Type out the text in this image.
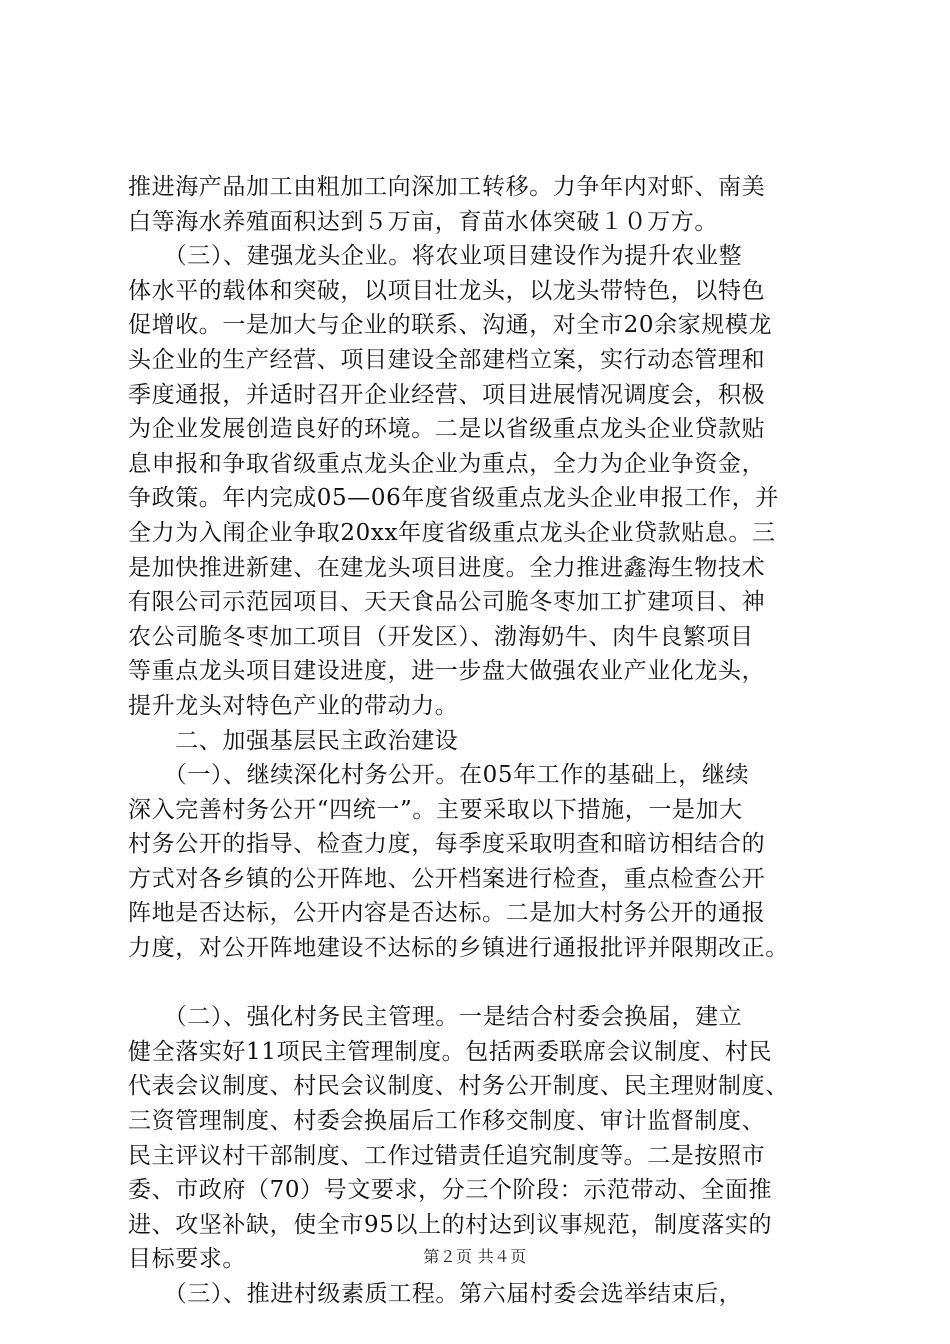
推进海产品加工由粗加工向深加工转移。力争年内对虾、南美
白等海水养殖面积达到５万亩，育苗水体突破１０万方。
　　（三）、建强龙头企业。将农业项目建设作为提升农业整
体水平的载体和突破，以项目壮龙头，以龙头带特色，以特色
促增收。一是加大与企业的联系、沟通，对全市20余家规模龙
头企业的生产经营、项目建设全部建档立案，实行动态管理和
季度通报，并适时召开企业经营、项目进展情况调度会，积极
为企业发展创造良好的环境。二是以省级重点龙头企业贷款贴
息申报和争取省级重点龙头企业为重点，全力为企业争资金，
争政策。年内完成05—06年度省级重点龙头企业申报工作，并
全力为入闱企业争取20xx年度省级重点龙头企业贷款贴息。三
是加快推进新建、在建龙头项目进度。全力推进鑫海生物技术
有限公司示范园项目、天天食品公司脆冬枣加工扩建项目、神
农公司脆冬枣加工项目（开发区）、渤海奶牛、肉牛良繁项目
等重点龙头项目建设进度，进一步盘大做强农业产业化龙头，
提升龙头对特色产业的带动力。
　　二、加强基层民主政治建设
　　（一）、继续深化村务公开。在05年工作的基础上，继续
深入完善村务公开“四统一”。主要采取以下措施，一是加大
村务公开的指导、检查力度，每季度采取明查和暗访相结合的
方式对各乡镇的公开阵地、公开档案进行检查，重点检查公开
阵地是否达标，公开内容是否达标。二是加大村务公开的通报
力度，对公开阵地建设不达标的乡镇进行通报批评并限期改正。
　　（二）、强化村务民主管理。一是结合村委会换届，建立
健全落实好11项民主管理制度。包括两委联席会议制度、村民
代表会议制度、村民会议制度、村务公开制度、民主理财制度、
三资管理制度、村委会换届后工作移交制度、审计监督制度、
民主评议村干部制度、工作过错责任追究制度等。二是按照市
委、市政府（70）号文要求，分三个阶段：示范带动、全面推
进、攻坚补缺，使全市95以上的村达到议事规范，制度落实的
目标要求。
　　（三）、推进村级素质工程。第六届村委会选举结束后，
第２页 共４页
